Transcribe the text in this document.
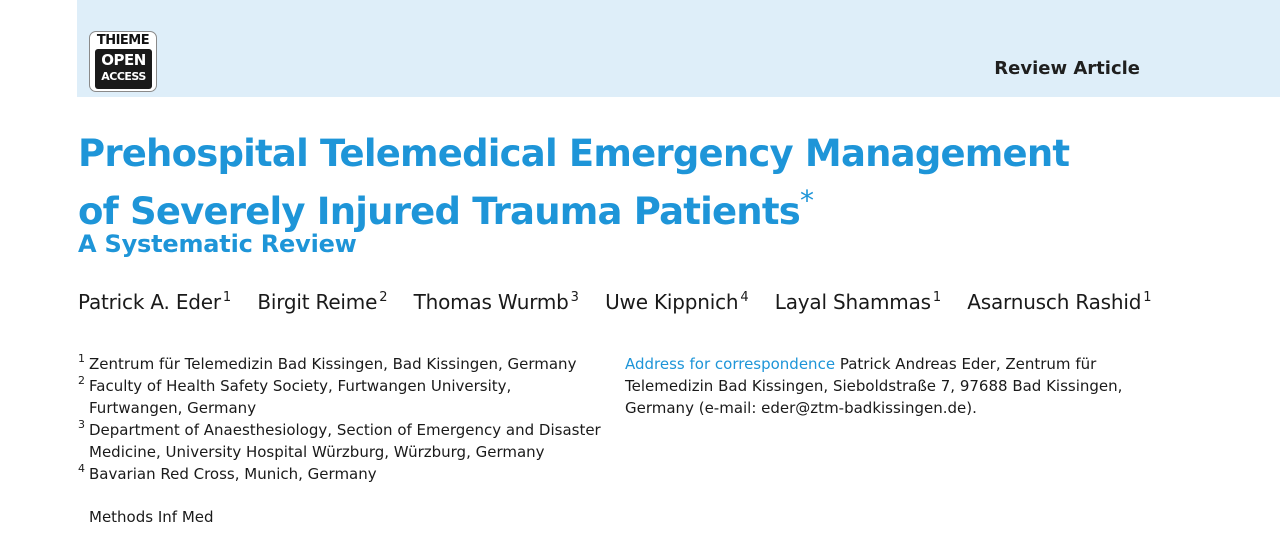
THIEME
OPEN
ACCESS	Review Article
Prehospital Telemedical Emergency Management
of Severely Injured Trauma Patients*
A Systematic Review
Patrick A. Eder $^1$ Birgit Reime $^2$ Thomas Wurmb $^3$ Uwe Kippnich $^4$ Layal Shammas $^1$ Asarnusch Rashid $^1$
1 Zentrum für Telemedizin Bad Kissingen, Bad Kissingen, Germany
2 Faculty of Health Safety Society, Furtwangen University,
Furtwangen, Germany
3 Department of Anaesthesiology, Section of Emergency and Disaster
Medicine, University Hospital Würzburg, Würzburg, Germany
4 Bavarian Red Cross, Munich, Germany
Address for correspondence Patrick Andreas Eder, Zentrum für
Telemedizin Bad Kissingen, Sieboldstraße 7, 97688 Bad Kissingen,
Germany (e-mail: eder@ztm-badkissingen.de).
Methods Inf Med
